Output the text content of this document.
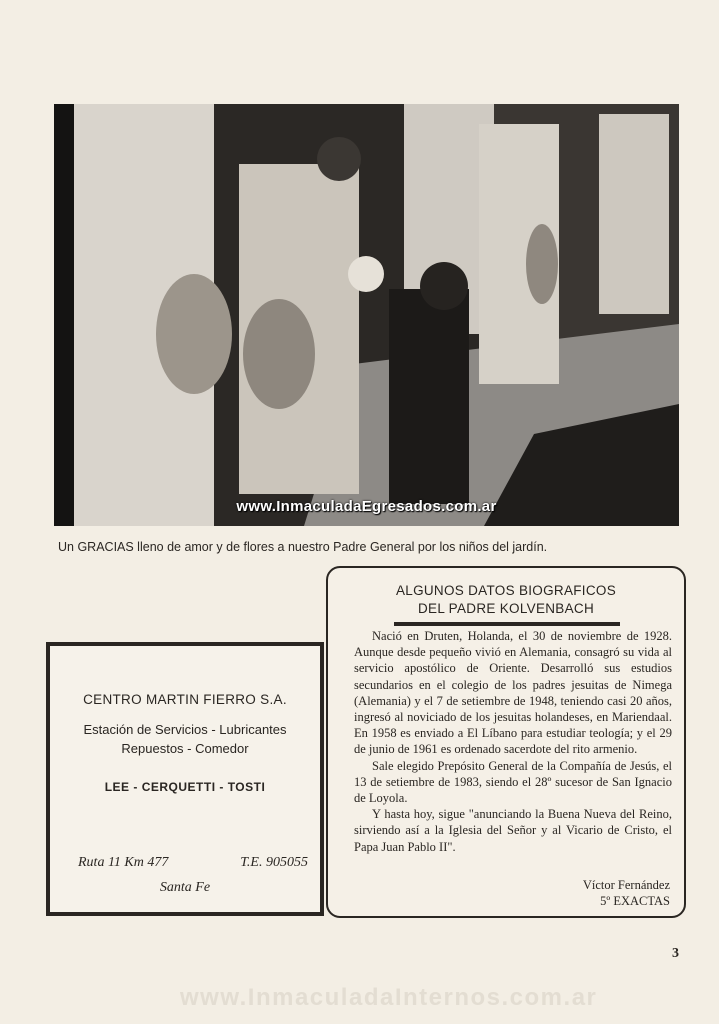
www.InmaculadaEgresados.com.ar
Un GRACIAS lleno de amor y de flores a nuestro Padre General por los niños del jardín.
CENTRO MARTIN FIERRO S.A.
Estación de Servicios - Lubricantes
Repuestos - Comedor
LEE - CERQUETTI - TOSTI
Ruta 11 Km 477	T.E. 905055
Santa Fe
ALGUNOS DATOS BIOGRAFICOS
DEL PADRE KOLVENBACH

Nació en Druten, Holanda, el 30 de noviembre de 1928. Aunque desde pequeño vivió en Alemania, consagró su vida al servicio apostólico de Oriente. Desarrolló sus estudios secundarios en el colegio de los padres jesuitas de Nimega (Alemania) y el 7 de setiembre de 1948, teniendo casi 20 años, ingresó al noviciado de los jesuitas holandeses, en Mariendaal. En 1958 es enviado a El Líbano para estudiar teología; y el 29 de junio de 1961 es ordenado sacerdote del rito armenio.

Sale elegido Prepósito General de la Compañía de Jesús, el 13 de setiembre de 1983, siendo el 28º sucesor de San Ignacio de Loyola.

Y hasta hoy, sigue "anunciando la Buena Nueva del Reino, sirviendo así a la Iglesia del Señor y al Vicario de Cristo, el Papa Juan Pablo II".

Víctor Fernández
5º EXACTAS
3
www.InmaculadaInternos.com.ar
